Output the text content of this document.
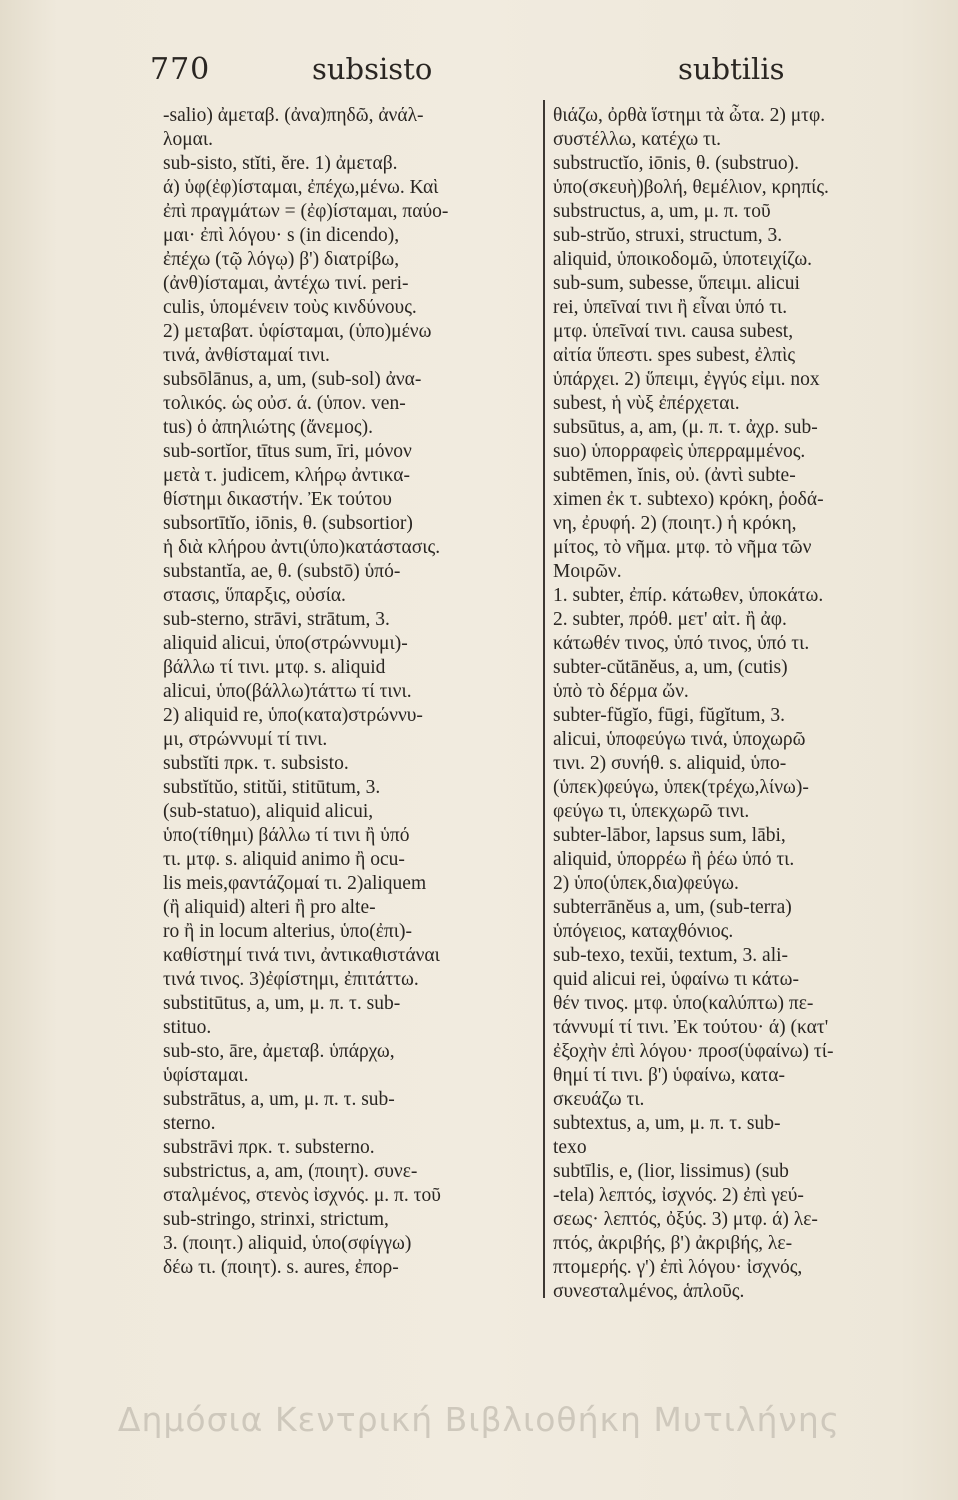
770	subsisto	subtilis
-salio) ἀμεταβ. (ἀνα)πηδῶ, ἀνάλ-
λομαι.
sub-sisto, stĭti, ĕre. 1) ἀμεταβ.
ά) ὑφ(ἐφ)ίσταμαι, ἐπέχω,μένω. Καὶ
ἐπὶ πραγμάτων = (ἐφ)ίσταμαι, παύο-
μαι· ἐπὶ λόγου· s (in dicendo),
ἐπέχω (τῷ λόγῳ) β') διατρίβω,
(ἀνθ)ίσταμαι, ἀντέχω τινί. peri-
culis, ὑπομένειν τοὺς κινδύνους.
2) μεταβατ. ὑφίσταμαι, (ὑπο)μένω
τινά, ἀνθίσταμαί τινι.
subsōlānus, a, um, (sub-sol) ἀνα-
τολικός. ὡς οὐσ. ά. (ὑπον. ven-
tus) ὁ ἀπηλιώτης (ἄνεμος).
sub-sortĭor, tītus sum, īri, μόνον
μετὰ τ. judicem, κλήρῳ ἀντικα-
θίστημι δικαστήν. Ἐκ τούτου
subsortītĭo, iōnis, θ. (subsortior)
ἡ διὰ κλήρου ἀντι(ὑπο)κατάστασις.
substantĭa, ae, θ. (substō) ὑπό-
στασις, ὕπαρξις, οὐσία.
sub-sterno, strāvi, strātum, 3.
aliquid alicui, ὑπο(στρώννυμι)-
βάλλω τί τινι. μτφ. s. aliquid
alicui, ὑπο(βάλλω)τάττω τί τινι.
2) aliquid re, ὑπο(κατα)στρώννυ-
μι, στρώννυμί τί τινι.
substĭti πρκ. τ. subsisto.
substĭtŭo, stitŭi, stitūtum, 3.
(sub-statuo), aliquid alicui,
ὑπο(τίθημι) βάλλω τί τινι ἢ ὑπό
τι. μτφ. s. aliquid animo ἢ ocu-
lis meis,φαντάζομαί τι. 2)aliquem
(ἢ aliquid) alteri ἢ pro alte-
ro ἢ in locum alterius, ὑπο(ἐπι)-
καθίστημί τινά τινι, ἀντικαθιστάναι
τινά τινος. 3)ἐφίστημι, ἐπιτάττω.
substitūtus, a, um, μ. π. τ. sub-
stituo.
sub-sto, āre, ἀμεταβ. ὑπάρχω,
ὑφίσταμαι.
substrātus, a, um, μ. π. τ. sub-
sterno.
substrāvi πρκ. τ. substerno.
substrictus, a, am, (ποιητ). συνε-
σταλμένος, στενὸς ἰσχνός. μ. π. τοῦ
sub-stringo, strinxi, strictum,
3. (ποιητ.) aliquid, ὑπο(σφίγγω)
δέω τι. (ποιητ). s. aures, ἐπορ-
θιάζω, ὀρθὰ ἵστημι τὰ ὦτα. 2) μτφ.
συστέλλω, κατέχω τι.
substructĭo, iōnis, θ. (substruo).
ὑπο(σκευὴ)βολή, θεμέλιον, κρηπίς.
substructus, a, um, μ. π. τοῦ
sub-strŭo, struxi, structum, 3.
aliquid, ὑποικοδομῶ, ὑποτειχίζω.
sub-sum, subesse, ὕπειμι. alicui
rei, ὑπεῖναί τινι ἢ εἶναι ὑπό τι.
μτφ. ὑπεῖναί τινι. causa subest,
αἰτία ὕπεστι. spes subest, ἐλπὶς
ὑπάρχει. 2) ὕπειμι, ἐγγύς εἰμι. nox
subest, ἡ νὺξ ἐπέρχεται.
subsūtus, a, am, (μ. π. τ. ἀχρ. sub-
suo) ὑπορραφεὶς ὑπερραμμένος.
subtēmen, ĭnis, οὐ. (ἀντὶ subte-
ximen ἐκ τ. subtexo) κρόκη, ῥοδά-
νη, ἐρυφή. 2) (ποιητ.) ἡ κρόκη,
μίτος, τὸ νῆμα. μτφ. τὸ νῆμα τῶν
Μοιρῶν.
1. subter, ἐπίρ. κάτωθεν, ὑποκάτω.
2. subter, πρόθ. μετ' αἰτ. ἢ ἀφ.
κάτωθέν τινος, ὑπό τινος, ὑπό τι.
subter-cŭtānĕus, a, um, (cutis)
ὑπὸ τὸ δέρμα ὤν.
subter-fŭgĭo, fūgi, fŭgĭtum, 3.
alicui, ὑποφεύγω τινά, ὑποχωρῶ
τινι. 2) συνήθ. s. aliquid, ὑπο-
(ὑπεκ)φεύγω, ὑπεκ(τρέχω,λίνω)-
φεύγω τι, ὑπεκχωρῶ τινι.
subter-lābor, lapsus sum, lābi,
aliquid, ὑπορρέω ἢ ῥέω ὑπό τι.
2) ὑπο(ὑπεκ,δια)φεύγω.
subterrānĕus a, um, (sub-terra)
ὑπόγειος, καταχθόνιος.
sub-texo, texŭi, textum, 3. ali-
quid alicui rei, ὑφαίνω τι κάτω-
θέν τινος. μτφ. ὑπο(καλύπτω) πε-
τάννυμί τί τινι. Ἐκ τούτου· ά) (κατ'
ἐξοχὴν ἐπὶ λόγου· προσ(ὑφαίνω) τί-
θημί τί τινι. β') ὑφαίνω, κατα-
σκευάζω τι.
subtextus, a, um, μ. π. τ. sub-
texo
subtīlis, e, (lior, lissimus) (sub
-tela) λεπτός, ἰσχνός. 2) ἐπὶ γεύ-
σεως· λεπτός, ὀξύς. 3) μτφ. ά) λε-
πτός, ἀκριβής, β') ἀκριβής, λε-
πτομερής. γ') ἐπὶ λόγου· ἰσχνός,
συνεσταλμένος, ἁπλοῦς.
Δημόσια Κεντρική Βιβλιοθήκη Μυτιλήνης
